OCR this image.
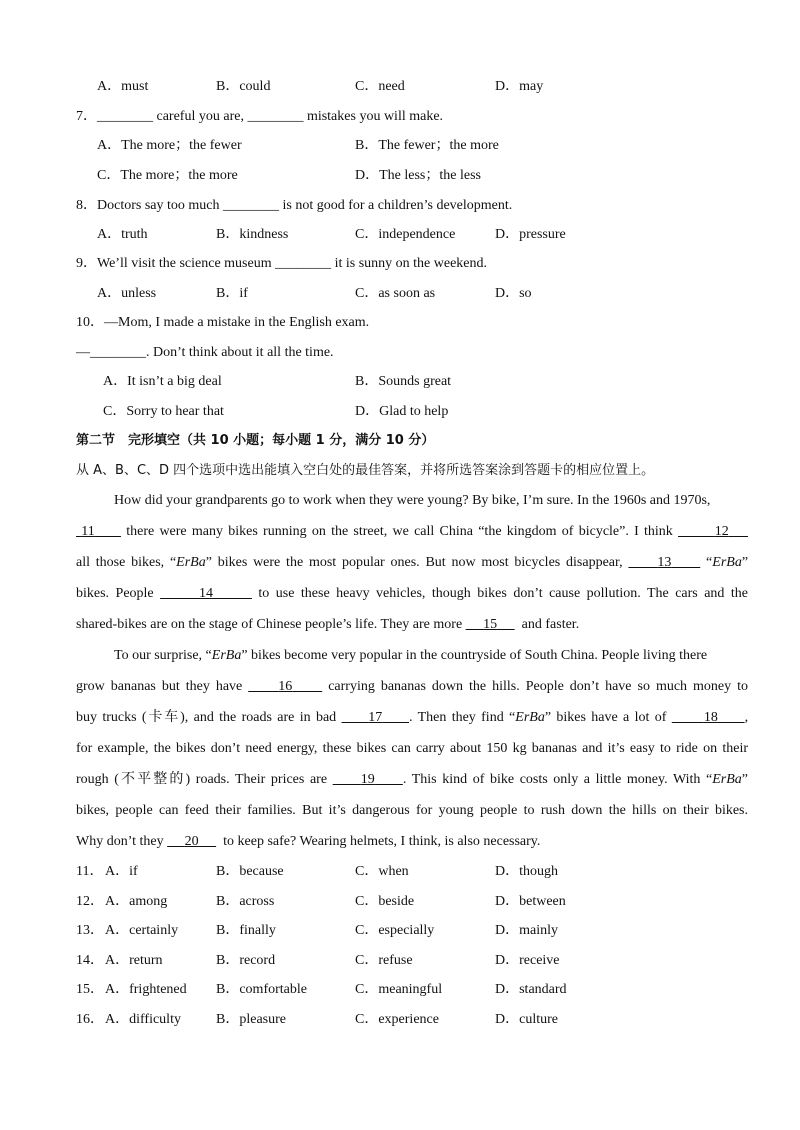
A．must	B．could	C．need	D．may
7．________ careful you are, ________ mistakes you will make.
A．The more；the fewer	B．The fewer；the more
C．The more；the more	D．The less；the less
8．Doctors say too much ________ is not good for a children’s development.
A．truth	B．kindness	C．independence	D．pressure
9．We’ll visit the science museum ________ it is sunny on the weekend.
A．unless	B．if	C．as soon as	D．so
10．—Mom, I made a mistake in the English exam.
—________. Don’t think about it all the time.
A．It isn’t a big deal	B．Sounds great
C．Sorry to hear that	D．Glad to help
第二节　完形填空（共 10 小题；每小题 1 分，满分 10 分）
从 A、B、C、D 四个选项中选出能填入空白处的最佳答案，并将所选答案涂到答题卡的相应位置上。
How did your grandparents go to work when they were young? By bike, I’m sure. In the 1960s and 1970s,
11 there were many bikes running on the street, we call China “the kingdom of bicycle”. I think	12
all those bikes, “ErBa” bikes were the most popular ones. But now most bicycles disappear, 13 “ErBa”
bikes. People	14	to use these heavy vehicles, though bikes don’t cause pollution. The cars and the
shared-bikes are on the stage of Chinese people’s life. They are more 15 and faster.
To our surprise, “ErBa” bikes become very popular in the countryside of South China. People living there
grow bananas but they have	16	carrying bananas down the hills. People don’t have so much money to
buy trucks (卡车), and the roads are in bad 17 . Then they find “ErBa” bikes have a lot of	18 ,
for example, the bikes don’t need energy, these bikes can carry about 150 kg bananas and it’s easy to ride on their
rough (不平整的) roads. Their prices are 19 . This kind of bike costs only a little money. With “ErBa”
bikes, people can feed their families. But it’s dangerous for young people to rush down the hills on their bikes.
Why don’t they 20 to keep safe? Wearing helmets, I think, is also necessary.
11． A．if	B．because	C．when	D．though
12． A．among	B．across	C．beside	D．between
13． A．certainly	B．finally	C．especially	D．mainly
14． A．return	B．record	C．refuse	D．receive
15． A．frightened B．comfortable	C．meaningful	D．standard
16． A．difficulty	B．pleasure	C．experience	D．culture
